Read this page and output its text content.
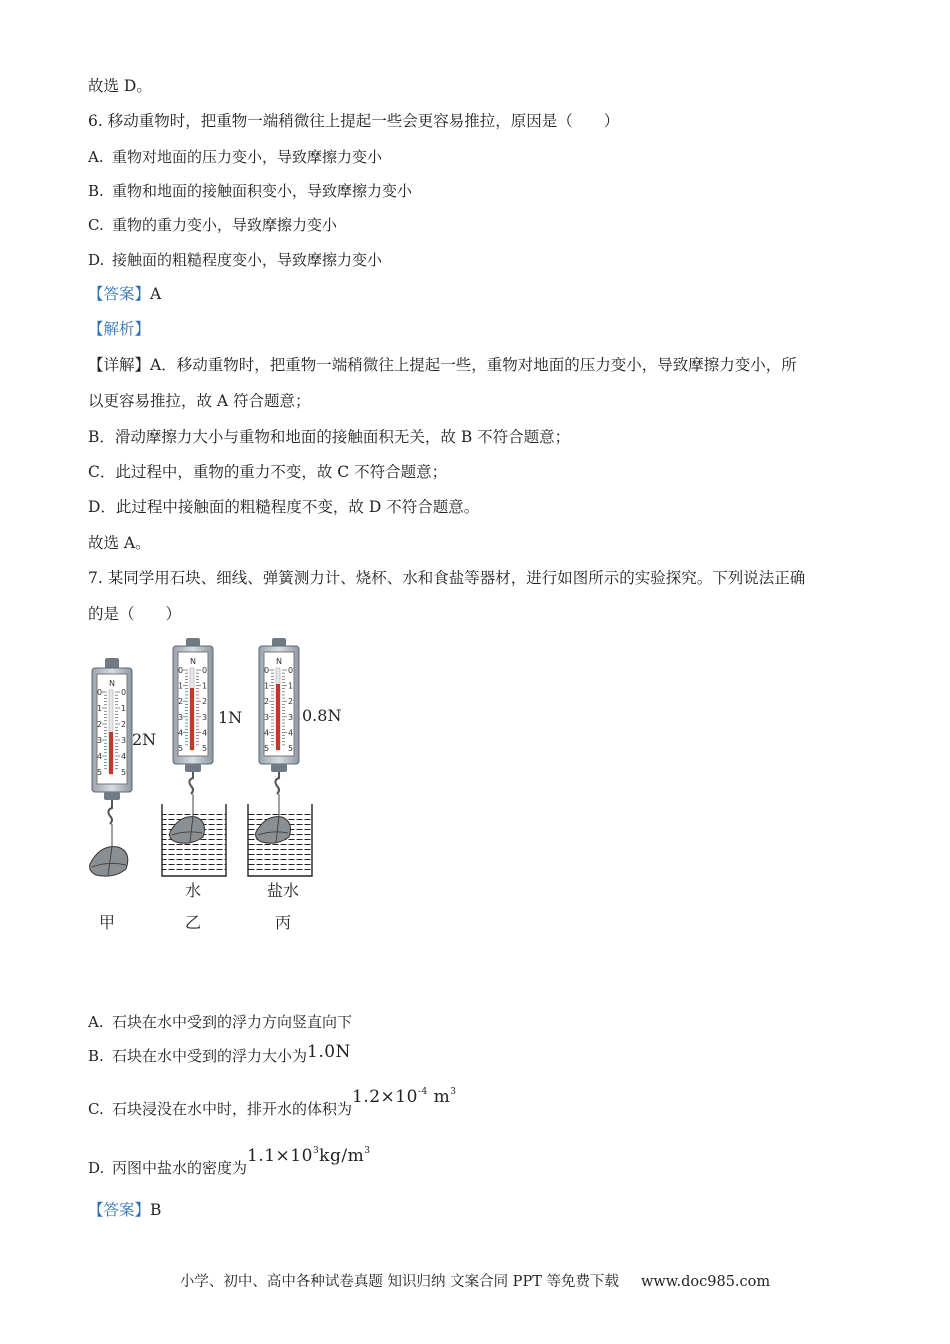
故选 D。
6. 移动重物时，把重物一端稍微往上提起一些会更容易推拉，原因是（　　）
A. 重物对地面的压力变小，导致摩擦力变小
B. 重物和地面的接触面积变小，导致摩擦力变小
C. 重物的重力变小，导致摩擦力变小
D. 接触面的粗糙程度变小，导致摩擦力变小
【答案】A
【解析】
【详解】A．移动重物时，把重物一端稍微往上提起一些，重物对地面的压力变小，导致摩擦力变小，所
以更容易推拉，故 A 符合题意；
B．滑动摩擦力大小与重物和地面的接触面积无关，故 B 不符合题意；
C．此过程中，重物的重力不变，故 C 不符合题意；
D．此过程中接触面的粗糙程度不变，故 D 不符合题意。
故选 A。
7. 某同学用石块、细线、弹簧测力计、烧杯、水和食盐等器材，进行如图所示的实验探究。下列说法正确
的是（　　）
N
0 0
1 1
2 2
3 3
4 4
5 5
2N
N
0 0
1 1
2 2
3 3
4 4
5 5
1N
N
0 0
1 1
2 2
3 3
4 4
5 5
0.8N
水	盐水
甲	乙	丙
A. 石块在水中受到的浮力方向竖直向下
B. 石块在水中受到的浮力大小为1.0N
C. 石块浸没在水中时，排开水的体积为$1.2\times 10^{-4}$ $m^3$
D. 丙图中盐水的密度为$1.1\times 10^3kg/m^3$
【答案】B
小学、初中、高中各种试卷真题 知识归纳 文案合同 PPT 等免费下载 www.doc985.com
